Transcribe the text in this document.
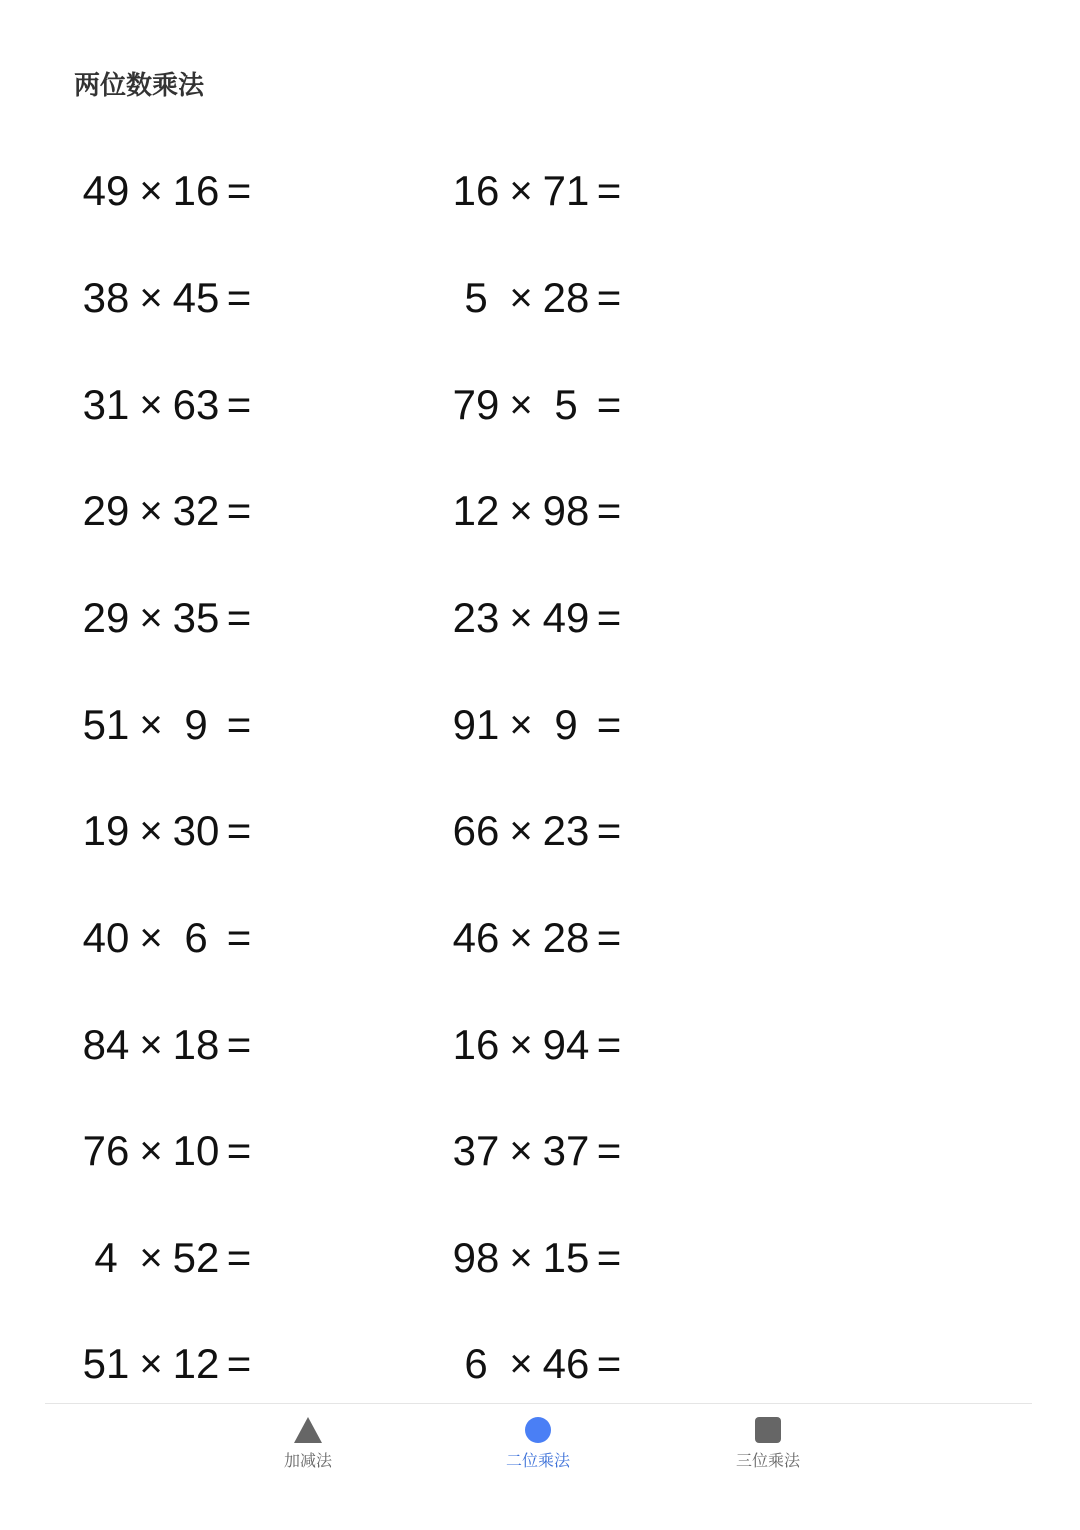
两位数乘法
49 × 16 =
38 × 45 =
31 × 63 =
29 × 32 =
29 × 35 =
51 × 9 =
19 × 30 =
40 × 6 =
84 × 18 =
76 × 10 =
4 × 52 =
51 × 12 =
16 × 71 =
5 × 28 =
79 × 5 =
12 × 98 =
23 × 49 =
91 × 9 =
66 × 23 =
46 × 28 =
16 × 94 =
37 × 37 =
98 × 15 =
6 × 46 =
加减法	二位乘法	三位乘法
